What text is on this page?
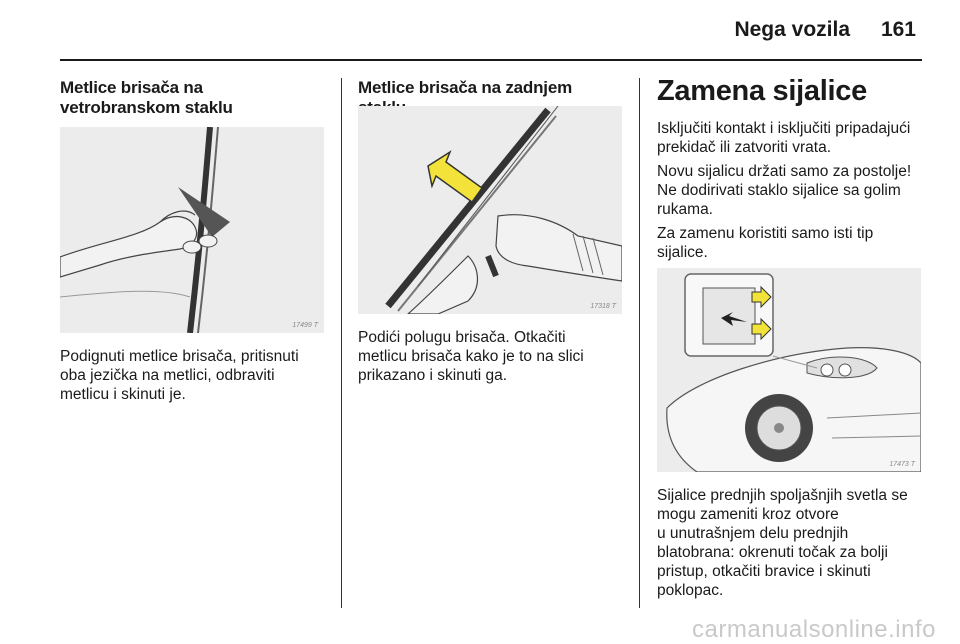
Nega vozila 161
Metlice brisača na vetrobranskom staklu
17499 T

Podignuti metlice brisača, pritisnuti

oba jezička na metlici, odbraviti

metlicu i skinuti je.

Metlice brisača na zadnjem
17318 T

Podići polugu brisača. Otkačiti

metlicu brisača kako je to na slici

prikazano i skinuti ga.

Zamena sijalice

Isključiti kontakt i isključiti pripadajući

prekidač ili zatvoriti vrata.

Novu sijalicu držati samo za postolje!

Ne dodirivati staklo sijalice sa golim

rukama.

Za zamenu koristiti samo isti tip

sijalice.

17473 T

Sijalice prednjih spoljašnjih svetla se

mogu zameniti kroz otvore

u unutrašnjem delu prednjih

blatobrana: okrenuti točak za bolji

pristup, otkačiti bravice i skinuti

poklopac.

carmanualsonline.info
